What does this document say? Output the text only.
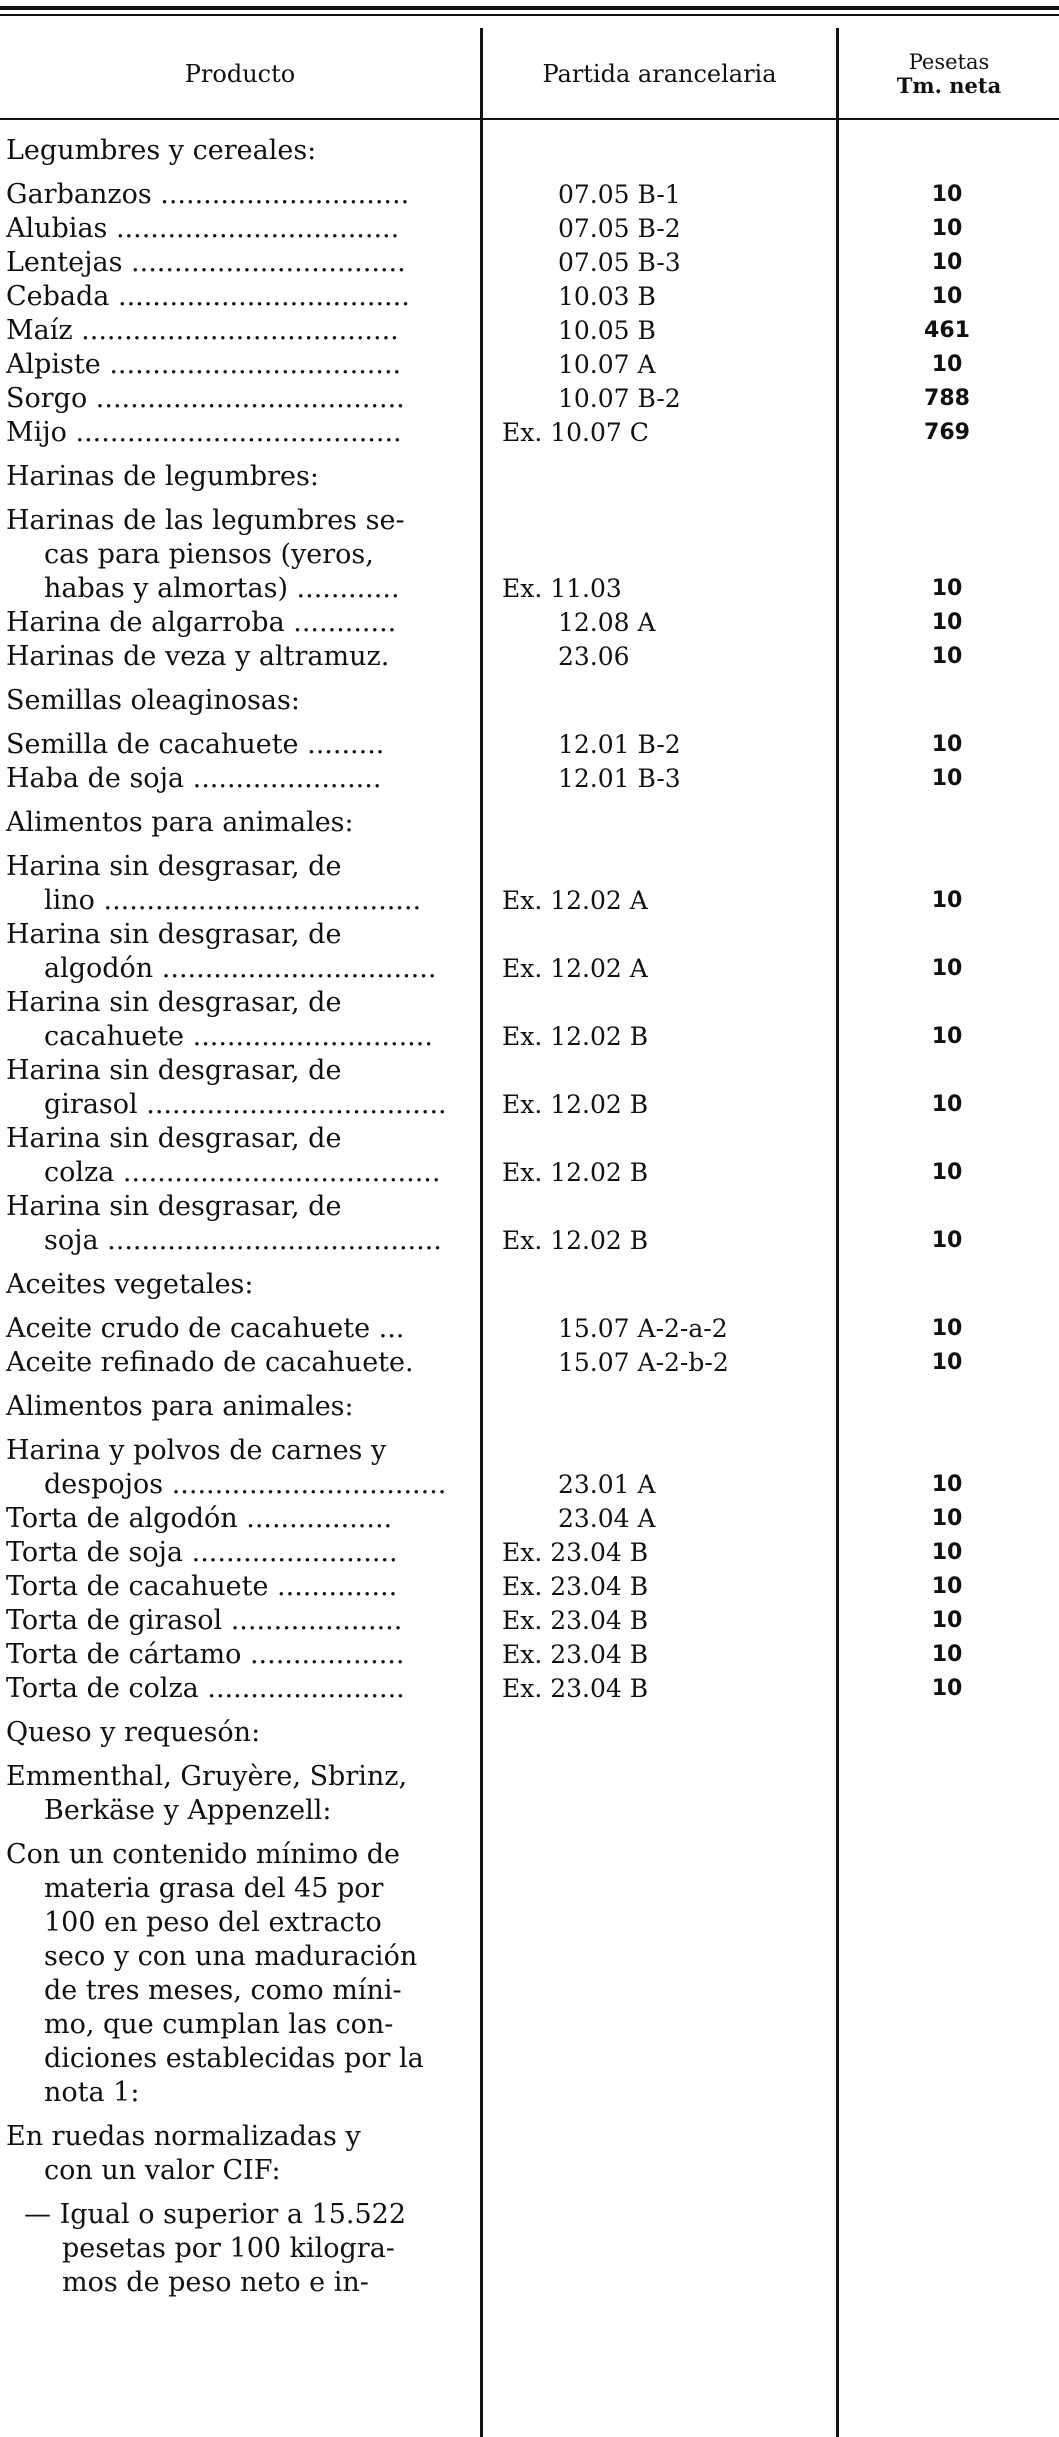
Producto	Partida arancelaria	Pesetas
Tm. neta
Legumbres y cereales:
Garbanzos .............................	07.05 B-1	10
Alubias .................................	07.05 B-2	10
Lentejas ................................	07.05 B-3	10
Cebada ..................................	10.03 B	10
Maíz .....................................	10.05 B	461
Alpiste ..................................	10.07 A	10
Sorgo ....................................	10.07 B-2	788
Mijo ......................................	Ex. 10.07 C	769
Harinas de legumbres:
Harinas de las legumbres se-
cas para piensos (yeros,
habas y almortas) ............	Ex. 11.03	10
Harina de algarroba ............	12.08 A	10
Harinas de veza y altramuz.	23.06	10
Semillas oleaginosas:
Semilla de cacahuete .........	12.01 B-2	10
Haba de soja ......................	12.01 B-3	10
Alimentos para animales:
Harina sin desgrasar, de
lino .....................................	Ex. 12.02 A	10
Harina sin desgrasar, de
algodón ................................	Ex. 12.02 A	10
Harina sin desgrasar, de
cacahuete ............................	Ex. 12.02 B	10
Harina sin desgrasar, de
girasol ...................................	Ex. 12.02 B	10
Harina sin desgrasar, de
colza .....................................	Ex. 12.02 B	10
Harina sin desgrasar, de
soja .......................................	Ex. 12.02 B	10
Aceites vegetales:
Aceite crudo de cacahuete ...	15.07 A-2-a-2	10
Aceite refinado de cacahuete.	15.07 A-2-b-2	10
Alimentos para animales:
Harina y polvos de carnes y
despojos ................................	23.01 A	10
Torta de algodón .................	23.04 A	10
Torta de soja ........................	Ex. 23.04 B	10
Torta de cacahuete ..............	Ex. 23.04 B	10
Torta de girasol ....................	Ex. 23.04 B	10
Torta de cártamo ..................	Ex. 23.04 B	10
Torta de colza .......................	Ex. 23.04 B	10
Queso y requesón:
Emmenthal, Gruyère, Sbrinz,
Berkäse y Appenzell:
Con un contenido mínimo de
materia grasa del 45 por
100 en peso del extracto
seco y con una maduración
de tres meses, como míni-
mo, que cumplan las con-
diciones establecidas por la
nota 1:
En ruedas normalizadas y
con un valor CIF:
— Igual o superior a 15.522
pesetas por 100 kilogra-
mos de peso neto e in-
